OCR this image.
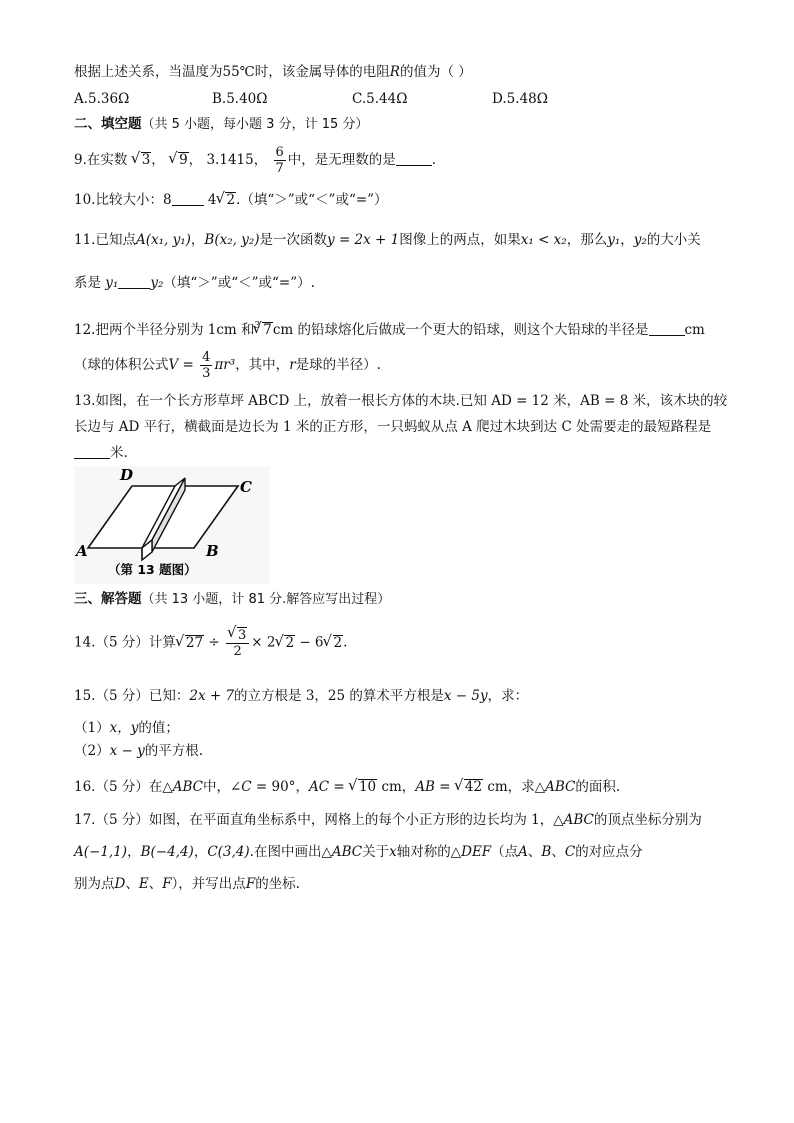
根据上述关系，当温度为55℃时，该金属导体的电阻R的值为（ ）
A.5.36Ω	B.5.40Ω	C.5.44Ω	D.5.48Ω
二、填空题（共 5 小题，每小题 3 分，计 15 分）
9.在实数 √ 3， √ 9， 3.1415， $\frac{6}{7}$ 中，是无理数的是	.
10.比较大小：8	4√ 2.（填“＞”或“＜”或“=”）
11.已知点A(x₁, y₁)，B(x₂, y₂)是一次函数y = 2x + 1图像上的两点，如果x₁ < x₂，那么y₁，y₂的大小关
系是 y₁ y₂（填“＞”或“＜”或“=”）.
12.把两个半径分别为 1cm 和$^3$√ 7cm 的铅球熔化后做成一个更大的铅球，则这个大铅球的半径是	cm
（球的体积公式$V = \frac{4}{3} \pi r^3$，其中，r是球的半径）.
13.如图，在一个长方形草坪 ABCD 上，放着一根长方体的木块.已知 AD = 12 米，AB = 8 米，该木块的较
长边与 AD 平行，横截面是边长为 1 米的正方形，一只蚂蚁从点 A 爬过木块到达 C 处需要走的最短路程是
米.
D
C
A	B
（第 13 题图）
三、解答题（共 13 小题，计 81 分.解答应写出过程）
14.（5 分）计算√ 27 ÷
√ $\frac{3}{2} \times 2√$ 2 − 6√ 2.
15.（5 分）已知：2x + 7的立方根是 3，25 的算术平方根是x − 5y，求：
（1）x，y的值；
（2）x − y的平方根.
16.（5 分）在△ABC中，∠C = 90°，AC = √ 10 cm，AB = √ 42 cm，求△ABC的面积.
17.（5 分）如图，在平面直角坐标系中，网格上的每个小正方形的边长均为 1，△ABC的顶点坐标分别为
A(−1,1)，B(−4,4)，C(3,4).在图中画出△ABC关于x轴对称的△DEF（点A、B、C的对应点分
别为点D、E、F），并写出点F的坐标.
